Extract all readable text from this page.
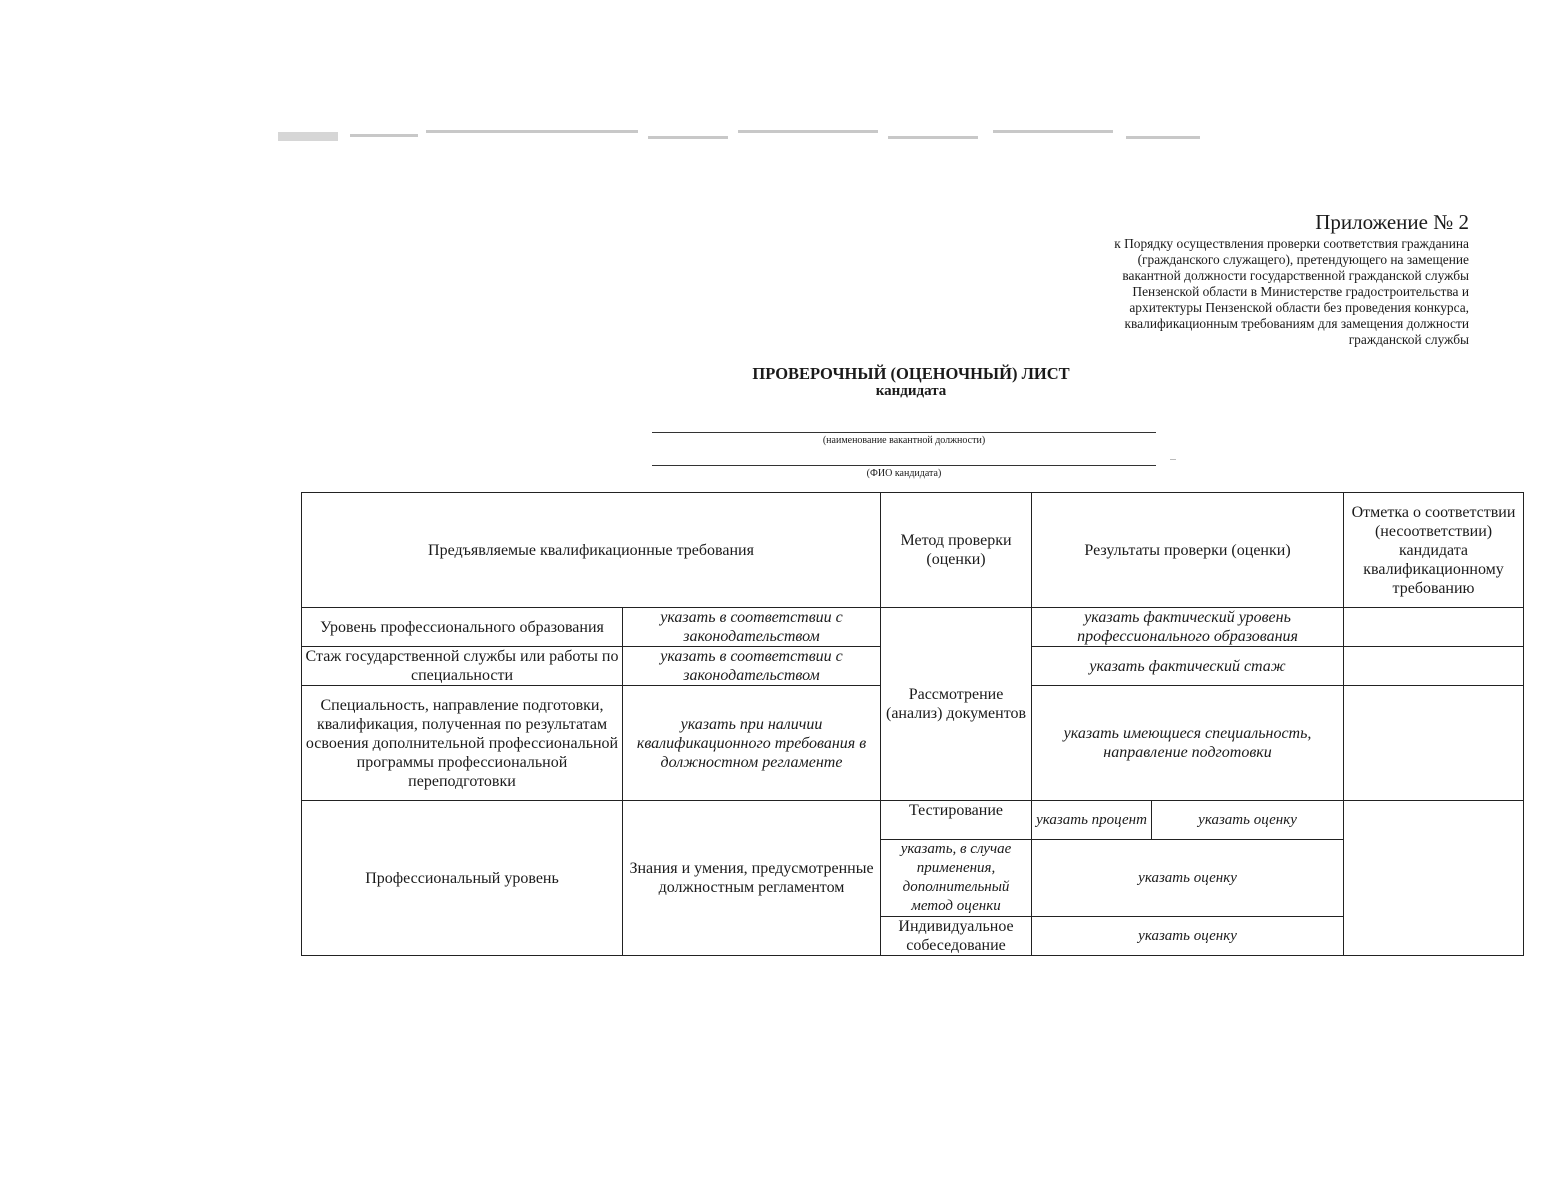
Приложение № 2
к Порядку осуществления проверки соответствия гражданина
(гражданского служащего), претендующего на замещение
вакантной должности государственной гражданской службы
Пензенской области в Министерстве градостроительства и
архитектуры Пензенской области без проведения конкурса,
квалификационным требованиям для замещения должности
гражданской службы
ПРОВЕРОЧНЫЙ (ОЦЕНОЧНЫЙ) ЛИСТ
кандидата
(наименование вакантной должности)
(ФИО кандидата)
Предъявляемые квалификационные требования		Метод проверки (оценки)	Результаты проверки (оценки)		Отметка о соответствии (несоответствии) кандидата квалификационному требованию
Уровень профессионального образования	указать в соответствии с законодательством	Рассмотрение (анализ) документов	указать фактический уровень профессионального образования		
Стаж государственной службы или работы по специальности	указать в соответствии с законодательством		указать фактический стаж		
Специальность, направление подготовки, квалификация, полученная по результатам освоения дополнительной профессиональной программы профессиональной переподготовки	указать при наличии квалификационного требования в должностном регламенте		указать имеющиеся специальность, направление подготовки		
Профессиональный уровень	Знания и умения, предусмотренные должностным регламентом	Тестирование	указать процент	указать оценку	
		указать, в случае применения, дополнительный метод оценки	указать оценку		
		Индивидуальное собеседование	указать оценку		
